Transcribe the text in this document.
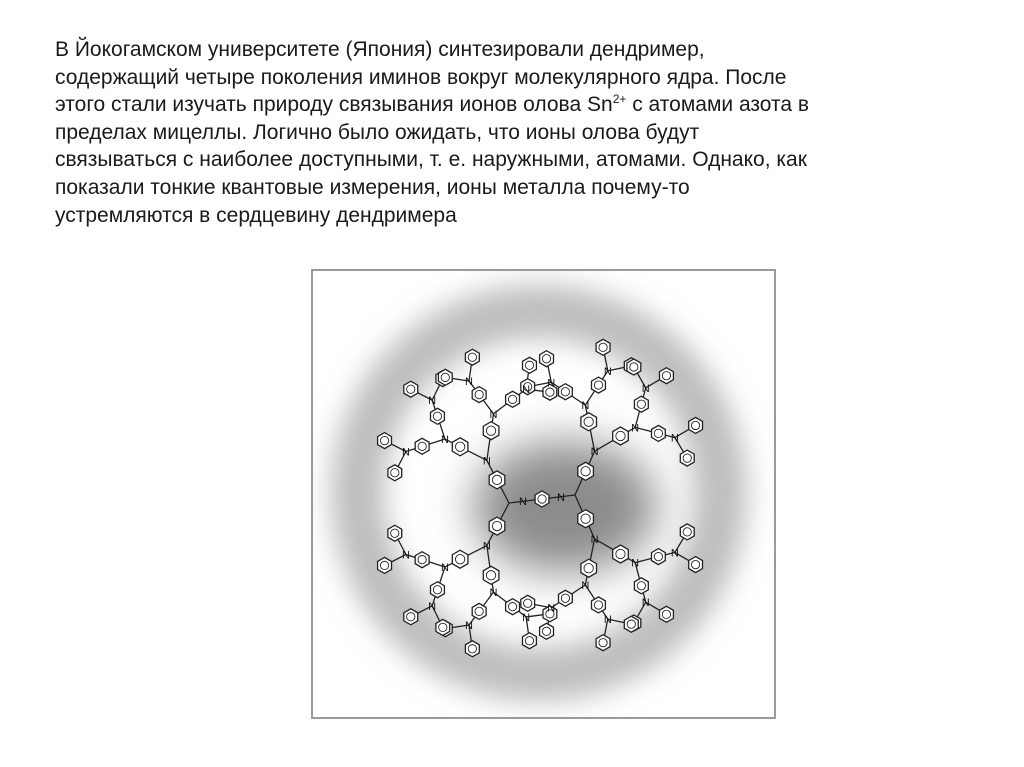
В Йокогамском университете (Япония) синтезировали дендример,
содержащий четыре поколения иминов вокруг молекулярного ядра. После
этого стали изучать природу связывания ионов олова $Sn^{2+}$ с атомами азота в
пределах мицеллы. Логично было ожидать, что ионы олова будут
связываться с наиболее доступными, т. е. наружными, атомами. Однако, как
показали тонкие квантовые измерения, ионы металла почему-то
устремляются в сердцевину дендримера
N	N
N
N
N
N
N
N
N
N
N
N
N
N
N
N
N
N
N
N
N
N
N
N
N
N
N
N
N
N
